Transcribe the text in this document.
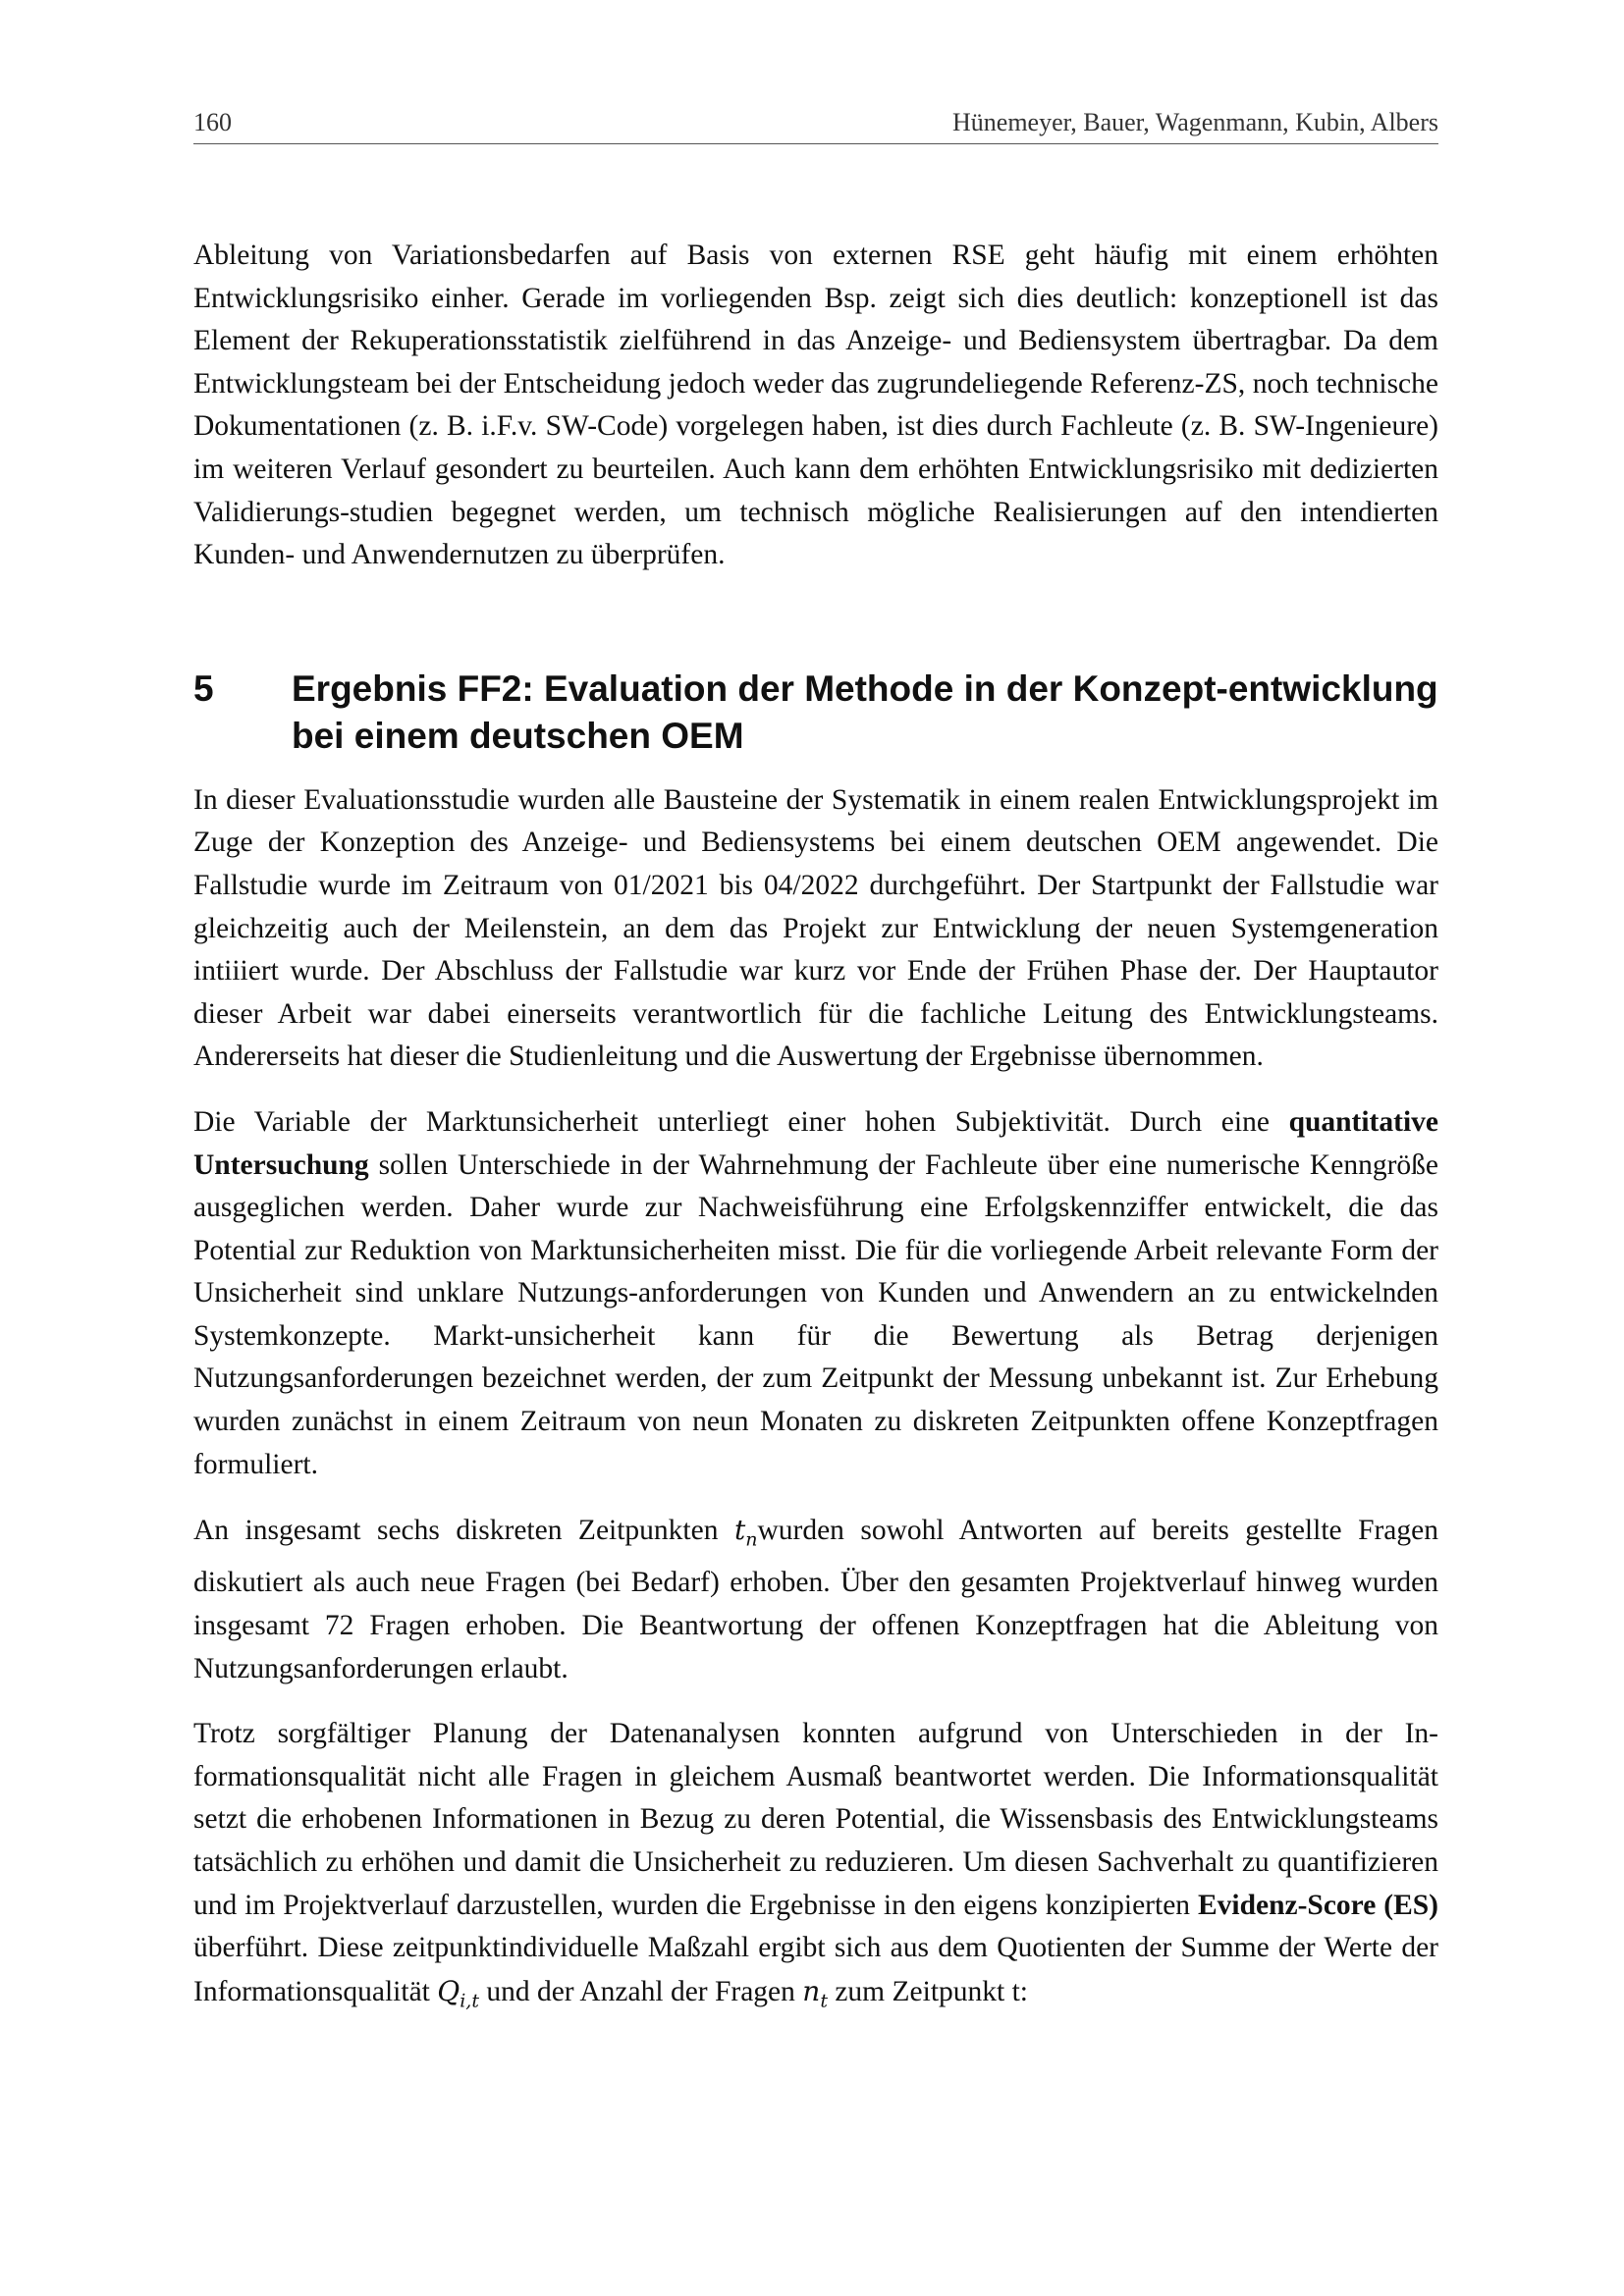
160	Hünemeyer, Bauer, Wagenmann, Kubin, Albers

Ableitung von Variationsbedarfen auf Basis von externen RSE geht häufig mit einem erhöhten Entwicklungsrisiko einher. Gerade im vorliegenden Bsp. zeigt sich dies deutlich: konzeptionell ist das Element der Rekuperationsstatistik zielführend in das Anzeige- und Bediensystem übertragbar. Da dem Entwicklungsteam bei der Entscheidung jedoch weder das zugrundeliegende Referenz-ZS, noch technische Dokumentationen (z. B. i.F.v. SW-Code) vorgelegen haben, ist dies durch Fachleute (z. B. SW-Ingenieure) im weiteren Verlauf gesondert zu beurteilen. Auch kann dem erhöhten Entwicklungsrisiko mit dedizierten Validierungs-studien begegnet werden, um technisch mögliche Realisierungen auf den intendierten Kunden- und Anwendernutzen zu überprüfen.

5	Ergebnis FF2: Evaluation der Methode in der Konzept-entwicklung bei einem deutschen OEM

In dieser Evaluationsstudie wurden alle Bausteine der Systematik in einem realen Entwicklungsprojekt im Zuge der Konzeption des Anzeige- und Bediensystems bei einem deutschen OEM angewendet. Die Fallstudie wurde im Zeitraum von 01/2021 bis 04/2022 durchgeführt. Der Startpunkt der Fallstudie war gleichzeitig auch der Meilenstein, an dem das Projekt zur Entwicklung der neuen Systemgeneration intiiiert wurde. Der Abschluss der Fallstudie war kurz vor Ende der Frühen Phase der. Der Hauptautor dieser Arbeit war dabei einerseits verantwortlich für die fachliche Leitung des Entwicklungsteams. Andererseits hat dieser die Studienleitung und die Auswertung der Ergebnisse übernommen.

Die Variable der Marktunsicherheit unterliegt einer hohen Subjektivität. Durch eine quantitative Untersuchung sollen Unterschiede in der Wahrnehmung der Fachleute über eine numerische Kenngröße ausgeglichen werden. Daher wurde zur Nachweisführung eine Erfolgskennziffer entwickelt, die das Potential zur Reduktion von Marktunsicherheiten misst. Die für die vorliegende Arbeit relevante Form der Unsicherheit sind unklare Nutzungs-anforderungen von Kunden und Anwendern an zu entwickelnden Systemkonzepte. Markt-unsicherheit kann für die Bewertung als Betrag derjenigen Nutzungsanforderungen bezeichnet werden, der zum Zeitpunkt der Messung unbekannt ist. Zur Erhebung wurden zunächst in einem Zeitraum von neun Monaten zu diskreten Zeitpunkten offene Konzeptfragen formuliert.

An insgesamt sechs diskreten Zeitpunkten $t_nwurden$ sowohl Antworten auf bereits gestellte Fragen diskutiert als auch neue Fragen (bei Bedarf) erhoben. Über den gesamten Projektverlauf hinweg wurden insgesamt 72 Fragen erhoben. Die Beantwortung der offenen Konzeptfragen hat die Ableitung von Nutzungsanforderungen erlaubt.

Trotz sorgfältiger Planung der Datenanalysen konnten aufgrund von Unterschieden in der Informationsqualität nicht alle Fragen in gleichem Ausmaß beantwortet werden. Die Informationsqualität setzt die erhobenen Informationen in Bezug zu deren Potential, die Wissensbasis des Entwicklungsteams tatsächlich zu erhöhen und damit die Unsicherheit zu reduzieren. Um diesen Sachverhalt zu quantifizieren und im Projektverlauf darzustellen, wurden die Ergebnisse in den eigens konzipierten Evidenz-Score (ES) überführt. Diese zeitpunktindividuelle Maßzahl ergibt sich aus dem Quotienten der Summe der Werte der Informationsqualität $Q_{i,t}$ und der Anzahl der Fragen $n_t$ zum Zeitpunkt t:
